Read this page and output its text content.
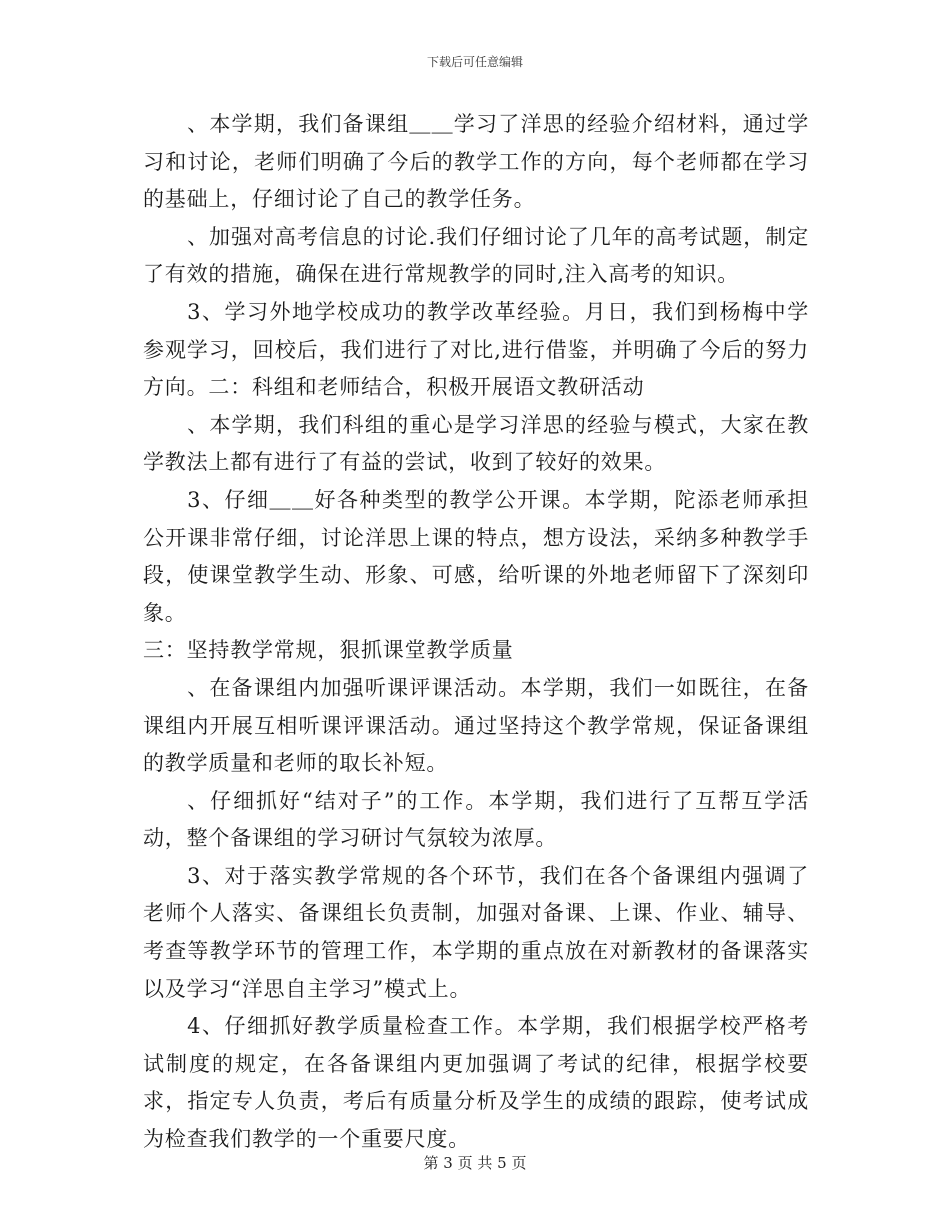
下载后可任意编辑

、本学期，我们备课组＿＿学习了洋思的经验介绍材料，通过学习和讨论，老师们明确了今后的教学工作的方向，每个老师都在学习的基础上，仔细讨论了自己的教学任务。

、加强对高考信息的讨论.我们仔细讨论了几年的高考试题，制定了有效的措施，确保在进行常规教学的同时,注入高考的知识。

3、学习外地学校成功的教学改革经验。月日，我们到杨梅中学参观学习，回校后，我们进行了对比,进行借鉴，并明确了今后的努力方向。二：科组和老师结合，积极开展语文教研活动

、本学期，我们科组的重心是学习洋思的经验与模式，大家在教学教法上都有进行了有益的尝试，收到了较好的效果。

3、仔细＿＿好各种类型的教学公开课。本学期，陀添老师承担公开课非常仔细，讨论洋思上课的特点，想方设法，采纳多种教学手段，使课堂教学生动、形象、可感，给听课的外地老师留下了深刻印象。

三：坚持教学常规，狠抓课堂教学质量

、在备课组内加强听课评课活动。本学期，我们一如既往，在备课组内开展互相听课评课活动。通过坚持这个教学常规，保证备课组的教学质量和老师的取长补短。

、仔细抓好“结对子”的工作。本学期，我们进行了互帮互学活动，整个备课组的学习研讨气氛较为浓厚。

3、对于落实教学常规的各个环节，我们在各个备课组内强调了老师个人落实、备课组长负责制，加强对备课、上课、作业、辅导、考查等教学环节的管理工作，本学期的重点放在对新教材的备课落实以及学习“洋思自主学习”模式上。

4、仔细抓好教学质量检查工作。本学期，我们根据学校严格考试制度的规定，在各备课组内更加强调了考试的纪律，根据学校要求，指定专人负责，考后有质量分析及学生的成绩的跟踪，使考试成为检查我们教学的一个重要尺度。

第 3 页 共 5 页
